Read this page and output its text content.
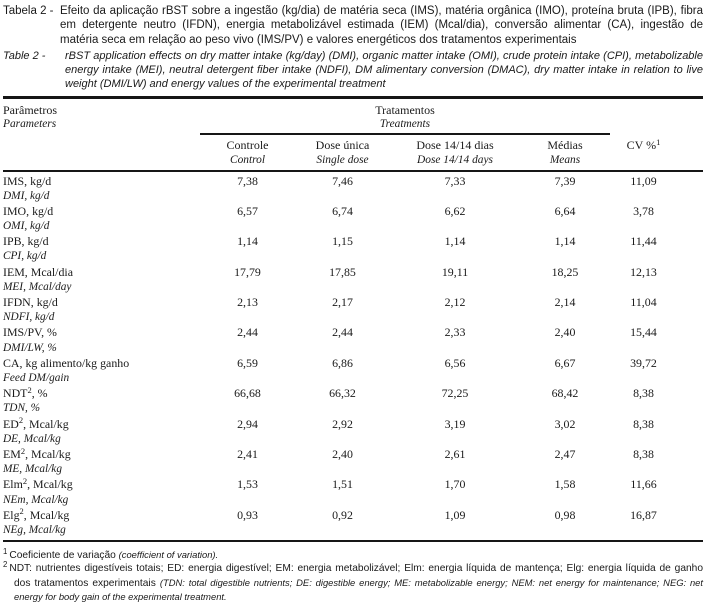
Tabela 2 - Efeito da aplicação rBST sobre a ingestão (kg/dia) de matéria seca (IMS), matéria orgânica (IMO), proteína bruta (IPB), fibra em detergente neutro (IFDN), energia metabolizável estimada (IEM) (Mcal/dia), conversão alimentar (CA), ingestão de matéria seca em relação ao peso vivo (IMS/PV) e valores energéticos dos tratamentos experimentais
Table 2 - rBST application effects on dry matter intake (kg/day) (DMI), organic matter intake (OMI), crude protein intake (CPI), metabolizable energy intake (MEI), neutral detergent fiber intake (NDFI), DM alimentary conversion (DMAC), dry matter intake in relation to live weight (DMI/LW) and energy values of the experimental treatment
Parâmetros
Parameters
Tratamentos
Treatments
Controle
Control
Dose única
Single dose
Dose 14/14 dias
Dose 14/14 days
Médias
Means
CV %$^1$
IMS, kg/d
DMI, kg/d
7,38	7,46	7,33	7,39	11,09
IMO, kg/d
OMI, kg/d
6,57	6,74	6,62	6,64	3,78
IPB, kg/d
CPI, kg/d
1,14	1,15	1,14	1,14	11,44
IEM, Mcal/dia
MEI, Mcal/day
17,79	17,85	19,11	18,25	12,13
IFDN, kg/d
NDFI, kg/d
2,13	2,17	2,12	2,14	11,04
IMS/PV, %
DMI/LW, %
2,44	2,44	2,33	2,40	15,44
CA, kg alimento/kg ganho
Feed DM/gain
6,59	6,86	6,56	6,67	39,72
NDT$^2$, %
TDN, %
66,68	66,32	72,25	68,42	8,38
$ED^2$, Mcal/kg
DE, Mcal/kg
2,94	2,92	3,19	3,02	8,38
$EM^2$, Mcal/kg
ME, Mcal/kg
2,41	2,40	2,61	2,47	8,38
Elm$^2$, Mcal/kg
NEm, Mcal/kg
1,53	1,51	1,70	1,58	11,66
Elg$^2$, Mcal/kg
NEg, Mcal/kg
0,93	0,92	1,09	0,98	16,87
$^1$ Coeficiente de variação (coefficient of variation).
$^2$ NDT: nutrientes digestíveis totais; ED: energia digestível; EM: energia metabolizável; Elm: energia líquida de mantença; Elg: energia líquida de ganho dos tratamentos experimentais (TDN: total digestible nutrients; DE: digestible energy; ME: metabolizable energy; NEM: net energy for maintenance; NEG: net energy for body gain of the experimental treatment.
